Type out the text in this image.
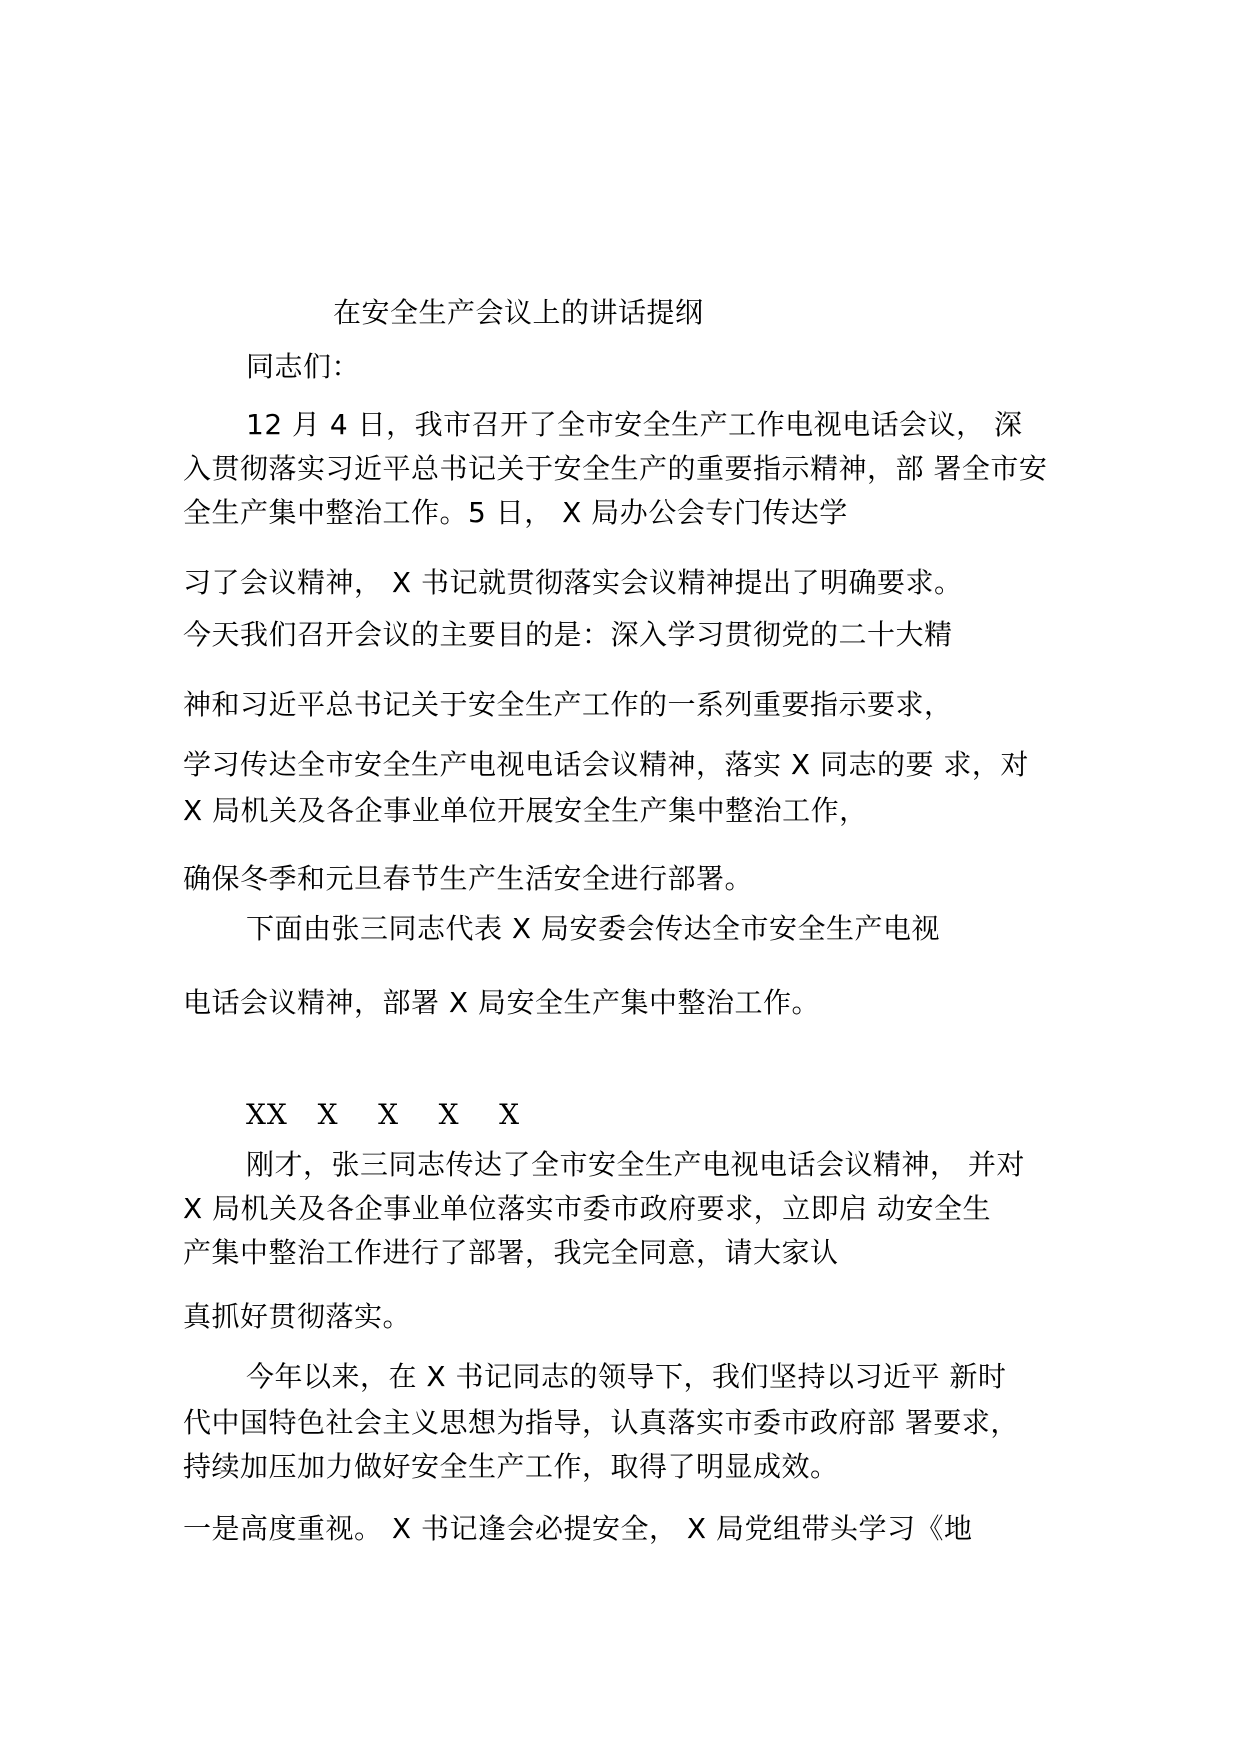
在安全生产会议上的讲话提纲
同志们：
12 月 4 日，我市召开了全市安全生产工作电视电话会议， 深
入贯彻落实习近平总书记关于安全生产的重要指示精神，部 署全市安
全生产集中整治工作。5 日， X 局办公会专门传达学
习了会议精神， X 书记就贯彻落实会议精神提出了明确要求。
今天我们召开会议的主要目的是：深入学习贯彻党的二十大精
神和习近平总书记关于安全生产工作的一系列重要指示要求，
学习传达全市安全生产电视电话会议精神，落实 X 同志的要 求，对
X 局机关及各企事业单位开展安全生产集中整治工作，
确保冬季和元旦春节生产生活安全进行部署。
下面由张三同志代表 X 局安委会传达全市安全生产电视
电话会议精神，部署 X 局安全生产集中整治工作。
XX   X    X    X    X
刚才，张三同志传达了全市安全生产电视电话会议精神， 并对
X 局机关及各企事业单位落实市委市政府要求，立即启 动安全生
产集中整治工作进行了部署，我完全同意，请大家认
真抓好贯彻落实。
今年以来，在 X 书记同志的领导下，我们坚持以习近平 新时
代中国特色社会主义思想为指导，认真落实市委市政府部 署要求，
持续加压加力做好安全生产工作，取得了明显成效。
一是高度重视。 X 书记逢会必提安全， X 局党组带头学习《地
